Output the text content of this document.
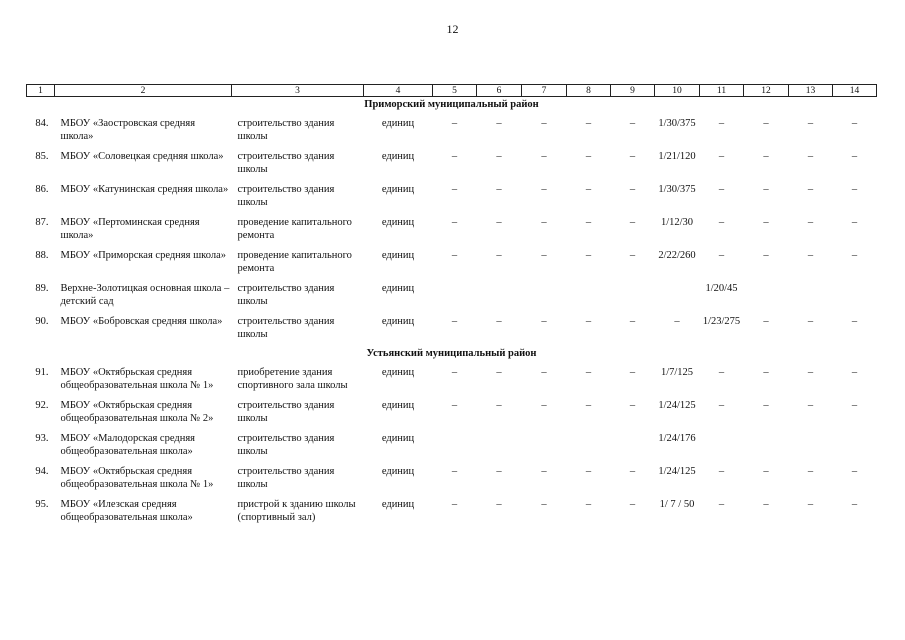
12
1	2	3	4	5	6	7	8	9	10	11	12	13	14
Приморский муниципальный район													
84.	МБОУ «Заостровская средняя школа»	строительство здания школы	единиц	–	–	–	–	–	1/30/375	–	–	–	–
85.	МБОУ «Соловецкая средняя школа»	строительство здания школы	единиц	–	–	–	–	–	1/21/120	–	–	–	–
86.	МБОУ «Катунинская средняя школа»	строительство здания школы	единиц	–	–	–	–	–	1/30/375	–	–	–	–
87.	МБОУ «Пертоминская средняя школа»	проведение капитального ремонта	единиц	–	–	–	–	–	1/12/30	–	–	–	–
88.	МБОУ «Приморская средняя школа»	проведение капитального ремонта	единиц	–	–	–	–	–	2/22/260	–	–	–	–
89.	Верхне-Золотицкая основная школа – детский сад	строительство здания школы	единиц							1/20/45			
90.	МБОУ «Бобровская средняя школа»	строительство здания школы	единиц	–	–	–	–	–	–	1/23/275	–	–	–
Устьянский муниципальный район													
91.	МБОУ «Октябрьская средняя общеобразовательная школа № 1»	приобретение здания спортивного зала школы	единиц	–	–	–	–	–	1/7/125	–	–	–	–
92.	МБОУ «Октябрьская средняя общеобразовательная школа № 2»	строительство здания школы	единиц	–	–	–	–	–	1/24/125	–	–	–	–
93.	МБОУ «Малодорская средняя общеобразовательная школа»	строительство здания школы	единиц						1/24/176				
94.	МБОУ «Октябрьская средняя общеобразовательная школа № 1»	строительство здания школы	единиц	–	–	–	–	–	1/24/125	–	–	–	–
95.	МБОУ «Илезская средняя общеобразовательная школа»	пристрой к зданию школы (спортивный зал)	единиц	–	–	–	–	–	1/ 7 / 50	–	–	–	–
